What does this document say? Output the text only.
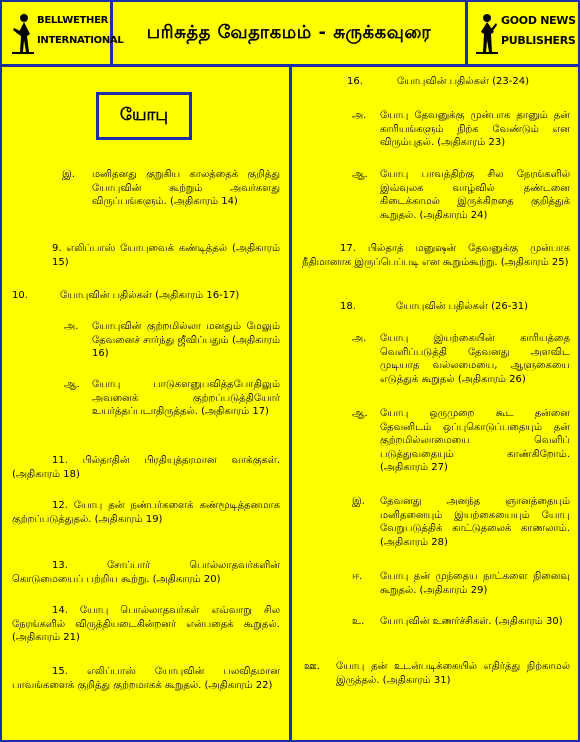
BELLWETHER
INTERNATIONAL பரிசுத்த வேதாகமம் - சுருக்கவுரை
GOOD NEWS
PUBLISHERS
யோபு
இ. மனிதனது குறுகிய காலத்தைக் குறித்து யோபுவின் கூற்றும் அவர்களது விருப்பங்களும். (அதிகாரம் 14)
9. எலிப்பாஸ் யோபுவைக் கண்டித்தல் (அதிகாரம் 15)
10.	யோபுவின் பதில்கள் (அதிகாரம் 16-17)
அ. யோபுவின் குற்றமில்லா மனதும் மேலும் தேவனைச் சார்ந்து ஜீவிப்பதும் (அதிகாரம் 16)
ஆ. யோபு பாடுகளனுபவித்தபோதிலும் அவனைக் குற்றப்படுத்தியோர் உயர்த்தப்படாதிருத்தல். (அதிகாரம் 17)
11. பில்தாதின் பிரதியுத்தரமான வாக்குகள். (அதிகாரம் 18)
12. யோபு தன் நண்பர்களைக் கண்மூடித்தனமாக குற்றப்படுத்துதல். (அதிகாரம் 19)
13. சோப்பார் பொல்லாதவர்களின் கொடுமையைப் பற்றிய கூற்று. (அதிகாரம் 20)
14. யோபு பொல்லாதவர்கள் எவ்வாறு சில நேரங்களில் விருத்தியடைகின்றனர் என்பதைக் கூறுதல். (அதிகாரம் 21)
15. எலிப்பாஸ் யோபுவின் பலவிதமான பாவங்களைக் குறித்து குற்றமாகக் கூறுதல். (அதிகாரம் 22)
16.	யோபுவின் பதில்கள் (23-24)
அ. யோபு தேவனுக்கு முன்பாக தானும் தன் காரியங்களும் நிற்க வேண்டும் என விரும்புதல். (அதிகாரம் 23)
ஆ. யோபு பாவத்திற்கு சில நேரங்களில் இவ்வுலக வாழ்வில் தண்டனை கிடைக்காமல் இருக்கிறதை குறித்துக் கூறுதல். (அதிகாரம் 24)
17. பில்தாத் மனுஷன் தேவனுக்கு முன்பாக நீதிமானாக இருப்பெப்படி என கூறும்கூற்று. (அதிகாரம் 25)
18.	யோபுவின் பதில்கள் (26-31)
அ. யோபு இயற்கையின் காரியத்தை வெளிப்படுத்தி தேவனது அளவிட முடியாத வல்லமையை, ஆளுகையை எடுத்துக் கூறுதல் (அதிகாரம் 26)
ஆ. யோபு ஒருமுறை கூட தன்னை தேவனிடம் ஒப்புகொடுப்பதையும் தன் குற்றமில்லாமையை வெளிப் படுத்துவதையும் காண்கிறோம். (அதிகாரம் 27)
இ. தேவனது அனந்த ஞானத்தையும் மனிதனையும் இயற்கையையும் யோபு வேறுபடுத்திக் காட்டுதலைக் காணலாம். (அதிகாரம் 28)
ஈ. யோபு தன் முந்தைய நாட்களை நினைவு கூறுதல். (அதிகாரம் 29)
உ. யோபுவின் உணர்ச்சிகள். (அதிகாரம் 30)
ஊ. யோபு தன் உடன்படிக்கையில் எதிர்த்து நிற்காமல் இருத்தல். (அதிகாரம் 31)
